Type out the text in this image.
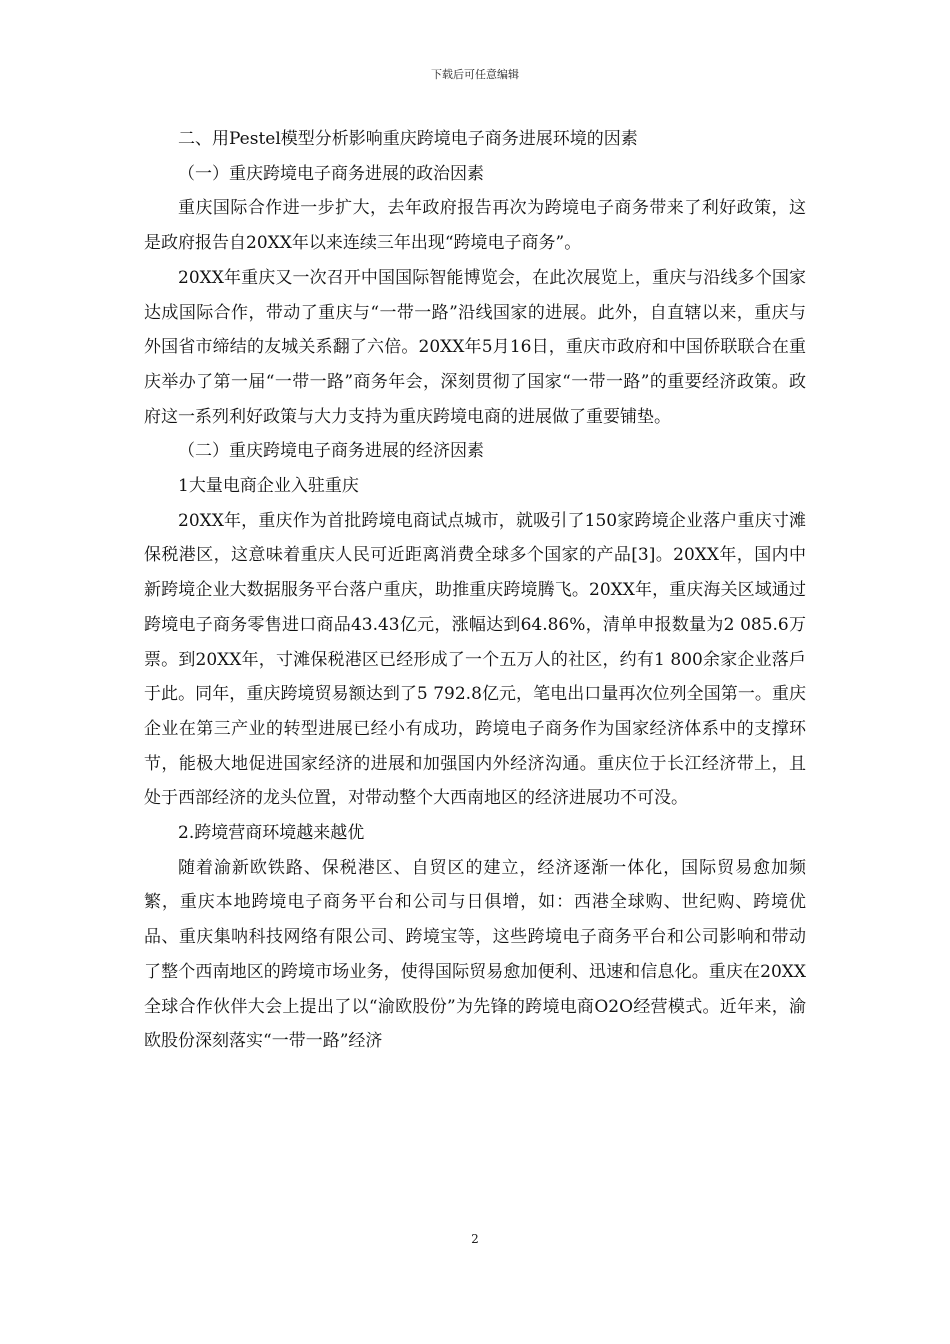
下载后可任意编辑
二、用Pestel模型分析影响重庆跨境电子商务进展环境的因素
（一）重庆跨境电子商务进展的政治因素

重庆国际合作进一步扩大，去年政府报告再次为跨境电子商务带来了利好政策，这是政府报告自20XX年以来连续三年出现“跨境电子商务”。

20XX年重庆又一次召开中国国际智能博览会，在此次展览上，重庆与沿线多个国家达成国际合作，带动了重庆与“一带一路”沿线国家的进展。此外，自直辖以来，重庆与外国省市缔结的友城关系翻了六倍。20XX年5月16日，重庆市政府和中国侨联联合在重庆举办了第一届“一带一路”商务年会，深刻贯彻了国家“一带一路”的重要经济政策。政府这一系列利好政策与大力支持为重庆跨境电商的进展做了重要铺垫。

（二）重庆跨境电子商务进展的经济因素
1大量电商企业入驻重庆

20XX年，重庆作为首批跨境电商试点城市，就吸引了150家跨境企业落户重庆寸滩保税港区，这意味着重庆人民可近距离消费全球多个国家的产品[3]。20XX年，国内中新跨境企业大数据服务平台落户重庆，助推重庆跨境腾飞。20XX年，重庆海关区域通过跨境电子商务零售进口商品43.43亿元，涨幅达到64.86%，清单申报数量为2 085.6万票。到20XX年，寸滩保税港区已经形成了一个五万人的社区，约有1 800余家企业落戶于此。同年，重庆跨境贸易额达到了5 792.8亿元，笔电出口量再次位列全国第一。重庆企业在第三产业的转型进展已经小有成功，跨境电子商务作为国家经济体系中的支撑环节，能极大地促进国家经济的进展和加强国内外经济沟通。重庆位于长江经济带上，且处于西部经济的龙头位置，对带动整个大西南地区的经济进展功不可没。

2.跨境营商环境越来越优

随着渝新欧铁路、保税港区、自贸区的建立，经济逐渐一体化，国际贸易愈加频繁，重庆本地跨境电子商务平台和公司与日俱增，如：西港全球购、世纪购、跨境优品、重庆集呐科技网络有限公司、跨境宝等，这些跨境电子商务平台和公司影响和带动了整个西南地区的跨境市场业务，使得国际贸易愈加便利、迅速和信息化。重庆在20XX全球合作伙伴大会上提出了以“渝欧股份”为先锋的跨境电商O2O经营模式。近年来，渝欧股份深刻落实“一带一路”经济

2
